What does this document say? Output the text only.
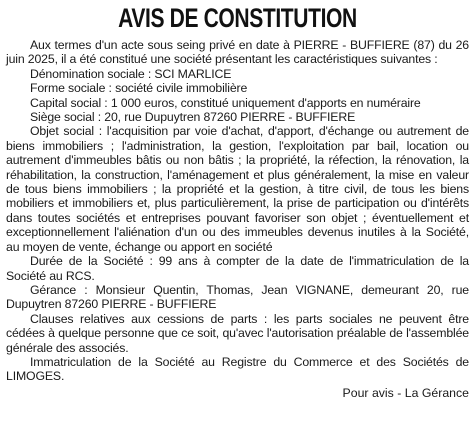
AVIS DE CONSTITUTION

Aux termes d'un acte sous seing privé en date à PIERRE - BUFFIERE (87) du 26 juin 2025, il a été constitué une société présentant les caractéristiques suivantes :

Dénomination sociale : SCI MARLICE

Forme sociale : société civile immobilière

Capital social : 1 000 euros, constitué uniquement d'apports en numéraire

Siège social : 20, rue Dupuytren 87260 PIERRE - BUFFIERE

Objet social : l'acquisition par voie d'achat, d'apport, d'échange ou autrement de biens immobiliers ; l'administration, la gestion, l'exploitation par bail, location ou autrement d'immeubles bâtis ou non bâtis ; la propriété, la réfection, la rénovation, la réhabilitation, la construction, l'aménagement et plus généralement, la mise en valeur de tous biens immobiliers ; la propriété et la gestion, à titre civil, de tous les biens mobiliers et immobiliers et, plus particulièrement, la prise de participation ou d'intérêts dans toutes sociétés et entreprises pouvant favoriser son objet ; éventuellement et exceptionnellement l'aliénation d'un ou des immeubles devenus inutiles à la Société, au moyen de vente, échange ou apport en société

Durée de la Société : 99 ans à compter de la date de l'immatriculation de la Société au RCS.

Gérance : Monsieur Quentin, Thomas, Jean VIGNANE, demeurant 20, rue Dupuytren 87260 PIERRE - BUFFIERE

Clauses relatives aux cessions de parts : les parts sociales ne peuvent être cédées à quelque personne que ce soit, qu'avec l'autorisation préalable de l'assemblée générale des associés.

Immatriculation de la Société au Registre du Commerce et des Sociétés de LIMOGES.

Pour avis - La Gérance
